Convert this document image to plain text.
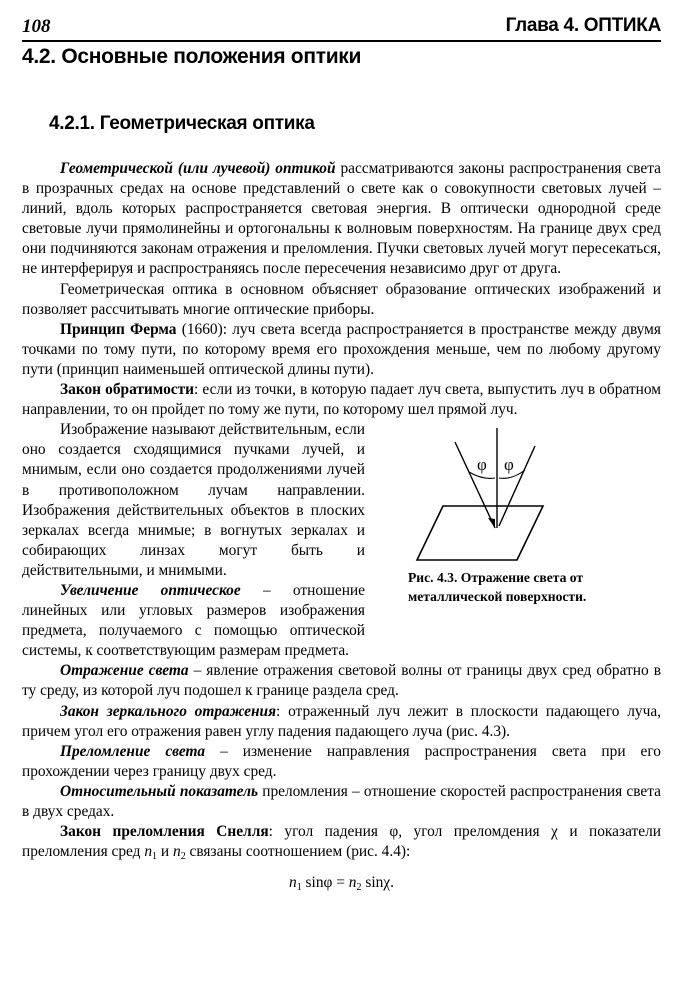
108	Глава 4. ОПТИКА
4.2. Основные положения оптики
4.2.1. Геометрическая оптика

Геометрической (или лучевой) оптикой рассматриваются законы распространения света в прозрачных средах на основе представлений о свете как о совокупности световых лучей – линий, вдоль которых распространяется световая энергия. В оптически однородной среде световые лучи прямолинейны и ортогональны к волновым поверхностям. На границе двух сред они подчиняются законам отражения и преломления. Пучки световых лучей могут пересекаться, не интерферируя и распространяясь после пересечения независимо друг от друга.

Геометрическая оптика в основном объясняет образование оптических изображений и позволяет рассчитывать многие оптические приборы.

Принцип Ферма (1660): луч света всегда распространяется в пространстве между двумя точками по тому пути, по которому время его прохождения меньше, чем по любому другому пути (принцип наименьшей оптической длины пути).

Закон обратимости: если из точки, в которую падает луч света, выпустить луч в обратном направлении, то он пройдет по тому же пути, по которому шел прямой луч.

φ φ
Рис. 4.3. Отражение света от металлической поверхности.

Изображение называют действительным, если оно создается сходящимися пучками лучей, и мнимым, если оно создается продолжениями лучей в противоположном лучам направлении. Изображения действительных объектов в плоских зеркалах всегда мнимые; в вогнутых зеркалах и собирающих линзах могут быть и действительными, и мнимыми.

Увеличение оптическое – отношение линейных или угловых размеров изображения предмета, получаемого с помощью оптической системы, к соответствующим размерам предмета.

Отражение света – явление отражения световой волны от границы двух сред обратно в ту среду, из которой луч подошел к границе раздела сред.

Закон зеркального отражения: отраженный луч лежит в плоскости падающего луча, причем угол его отражения равен углу падения падающего луча (рис. 4.3).

Преломление света – изменение направления распространения света при его прохождении через границу двух сред.

Относительный показатель преломления – отношение скоростей распространения света в двух средах.

Закон преломления Снелля: угол падения φ, угол преломдения χ и показатели преломления сред $n_1$ и $n_2$ связаны соотношением (рис. 4.4):

$n_1$ $\sin\varphi = n_2$ sinχ.
